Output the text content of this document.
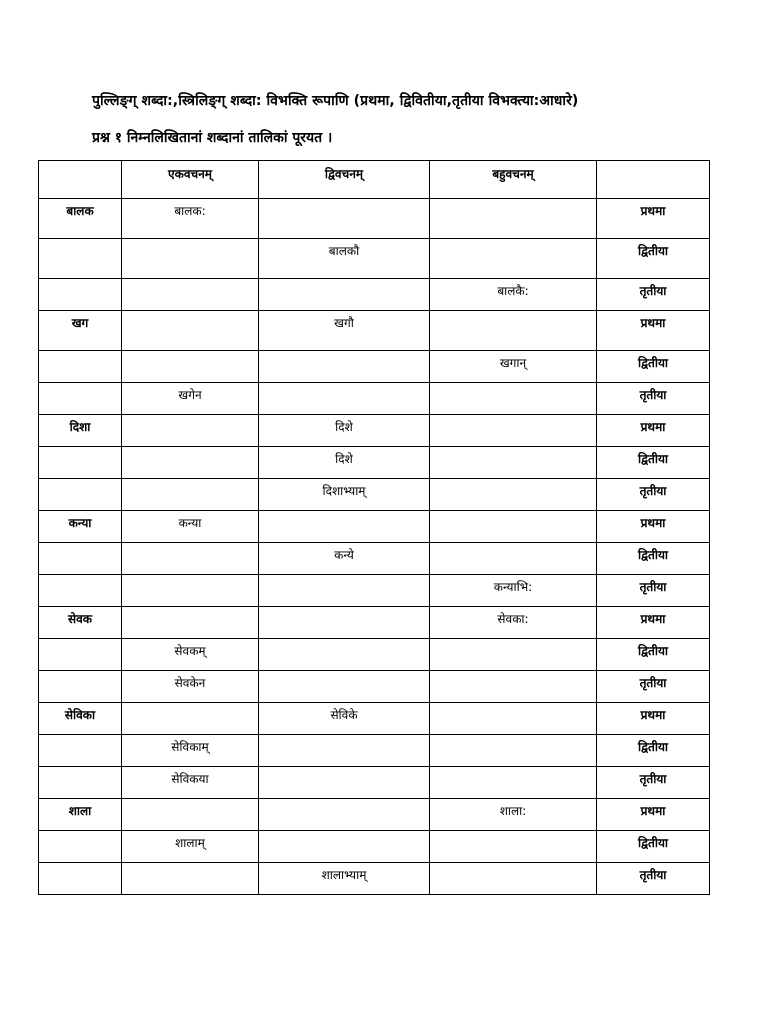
पुल्लिङ्ग् शब्दा:,स्त्रिलिङ्ग् शब्दा: विभक्ति रूपाणि (प्रथमा, द्विवितीया,तृतीया विभक्त्या:आधारे)
प्रश्न १ निम्नलिखितानां शब्दानां तालिकां पूरयत ।
	एकवचनम्	द्विवचनम्	बहुवचनम्	
बालक	बालक:			प्रथमा
		बालकौ		द्वितीया
			बालकै:	तृतीया
खग		खगौ		प्रथमा
			खगान्	द्वितीया
	खगेन			तृतीया
दिशा		दिशे		प्रथमा
		दिशे		द्वितीया
		दिशाभ्याम्		तृतीया
कन्या	कन्या			प्रथमा
		कन्ये		द्वितीया
			कन्याभि:	तृतीया
सेवक			सेवका:	प्रथमा
	सेवकम्			द्वितीया
	सेवकेन			तृतीया
सेविका		सेविके		प्रथमा
	सेविकाम्			द्वितीया
	सेविकया			तृतीया
शाला			शाला:	प्रथमा
	शालाम्			द्वितीया
		शालाभ्याम्		तृतीया
